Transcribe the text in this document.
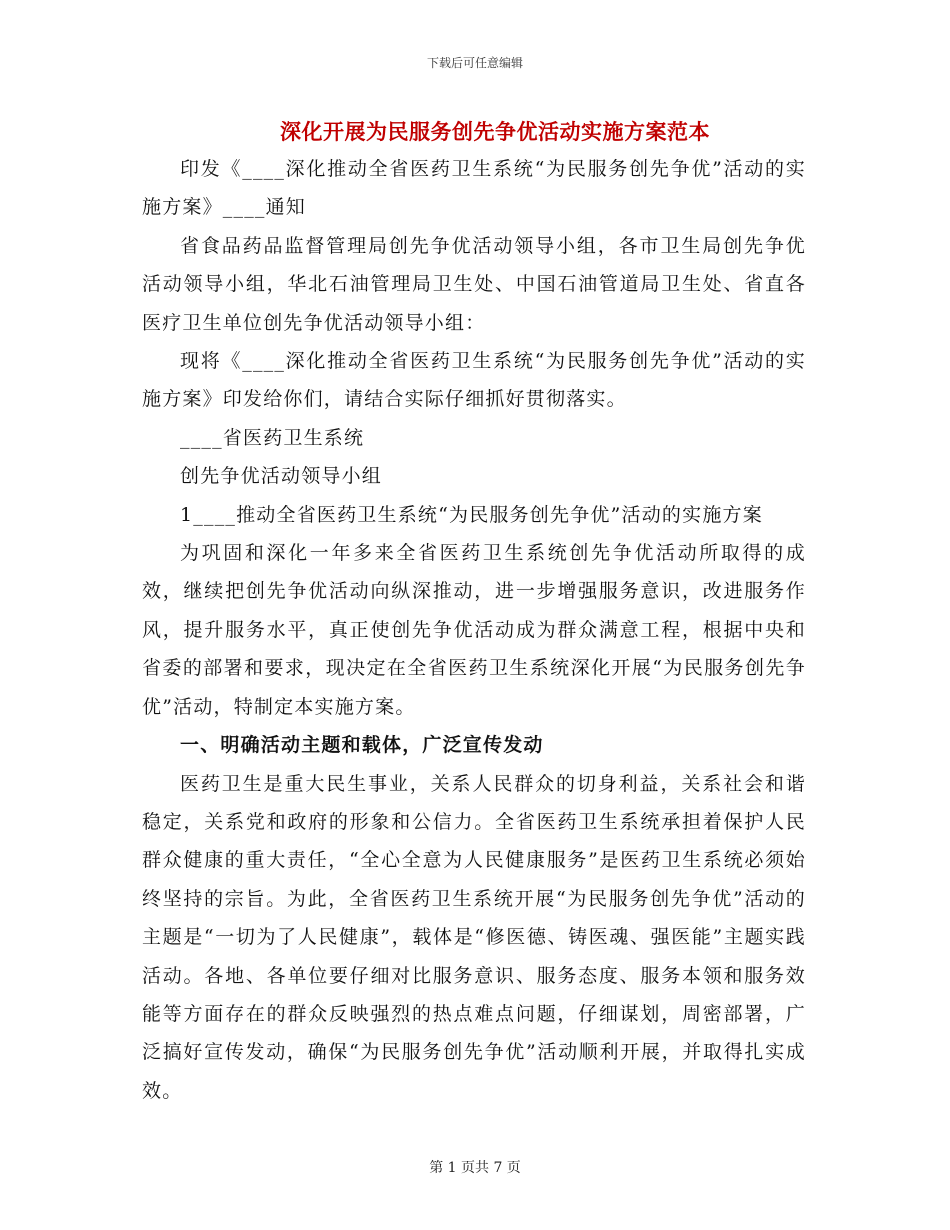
下载后可任意编辑
深化开展为民服务创先争优活动实施方案范本

印发《____深化推动全省医药卫生系统“为民服务创先争优”活动的实施方案》____通知

省食品药品监督管理局创先争优活动领导小组，各市卫生局创先争优活动领导小组，华北石油管理局卫生处、中国石油管道局卫生处、省直各医疗卫生单位创先争优活动领导小组：

现将《____深化推动全省医药卫生系统“为民服务创先争优”活动的实施方案》印发给你们，请结合实际仔细抓好贯彻落实。

____省医药卫生系统

创先争优活动领导小组

1____推动全省医药卫生系统“为民服务创先争优”活动的实施方案

为巩固和深化一年多来全省医药卫生系统创先争优活动所取得的成效，继续把创先争优活动向纵深推动，进一步增强服务意识，改进服务作风，提升服务水平，真正使创先争优活动成为群众满意工程，根据中央和省委的部署和要求，现决定在全省医药卫生系统深化开展“为民服务创先争优”活动，特制定本实施方案。

一、明确活动主题和载体，广泛宣传发动

医药卫生是重大民生事业，关系人民群众的切身利益，关系社会和谐稳定，关系党和政府的形象和公信力。全省医药卫生系统承担着保护人民群众健康的重大责任，“全心全意为人民健康服务”是医药卫生系统必须始终坚持的宗旨。为此，全省医药卫生系统开展“为民服务创先争优”活动的主题是“一切为了人民健康”，载体是“修医德、铸医魂、强医能”主题实践活动。各地、各单位要仔细对比服务意识、服务态度、服务本领和服务效能等方面存在的群众反映强烈的热点难点问题，仔细谋划，周密部署，广泛搞好宣传发动，确保“为民服务创先争优”活动顺利开展，并取得扎实成效。

第 1 页共 7 页
